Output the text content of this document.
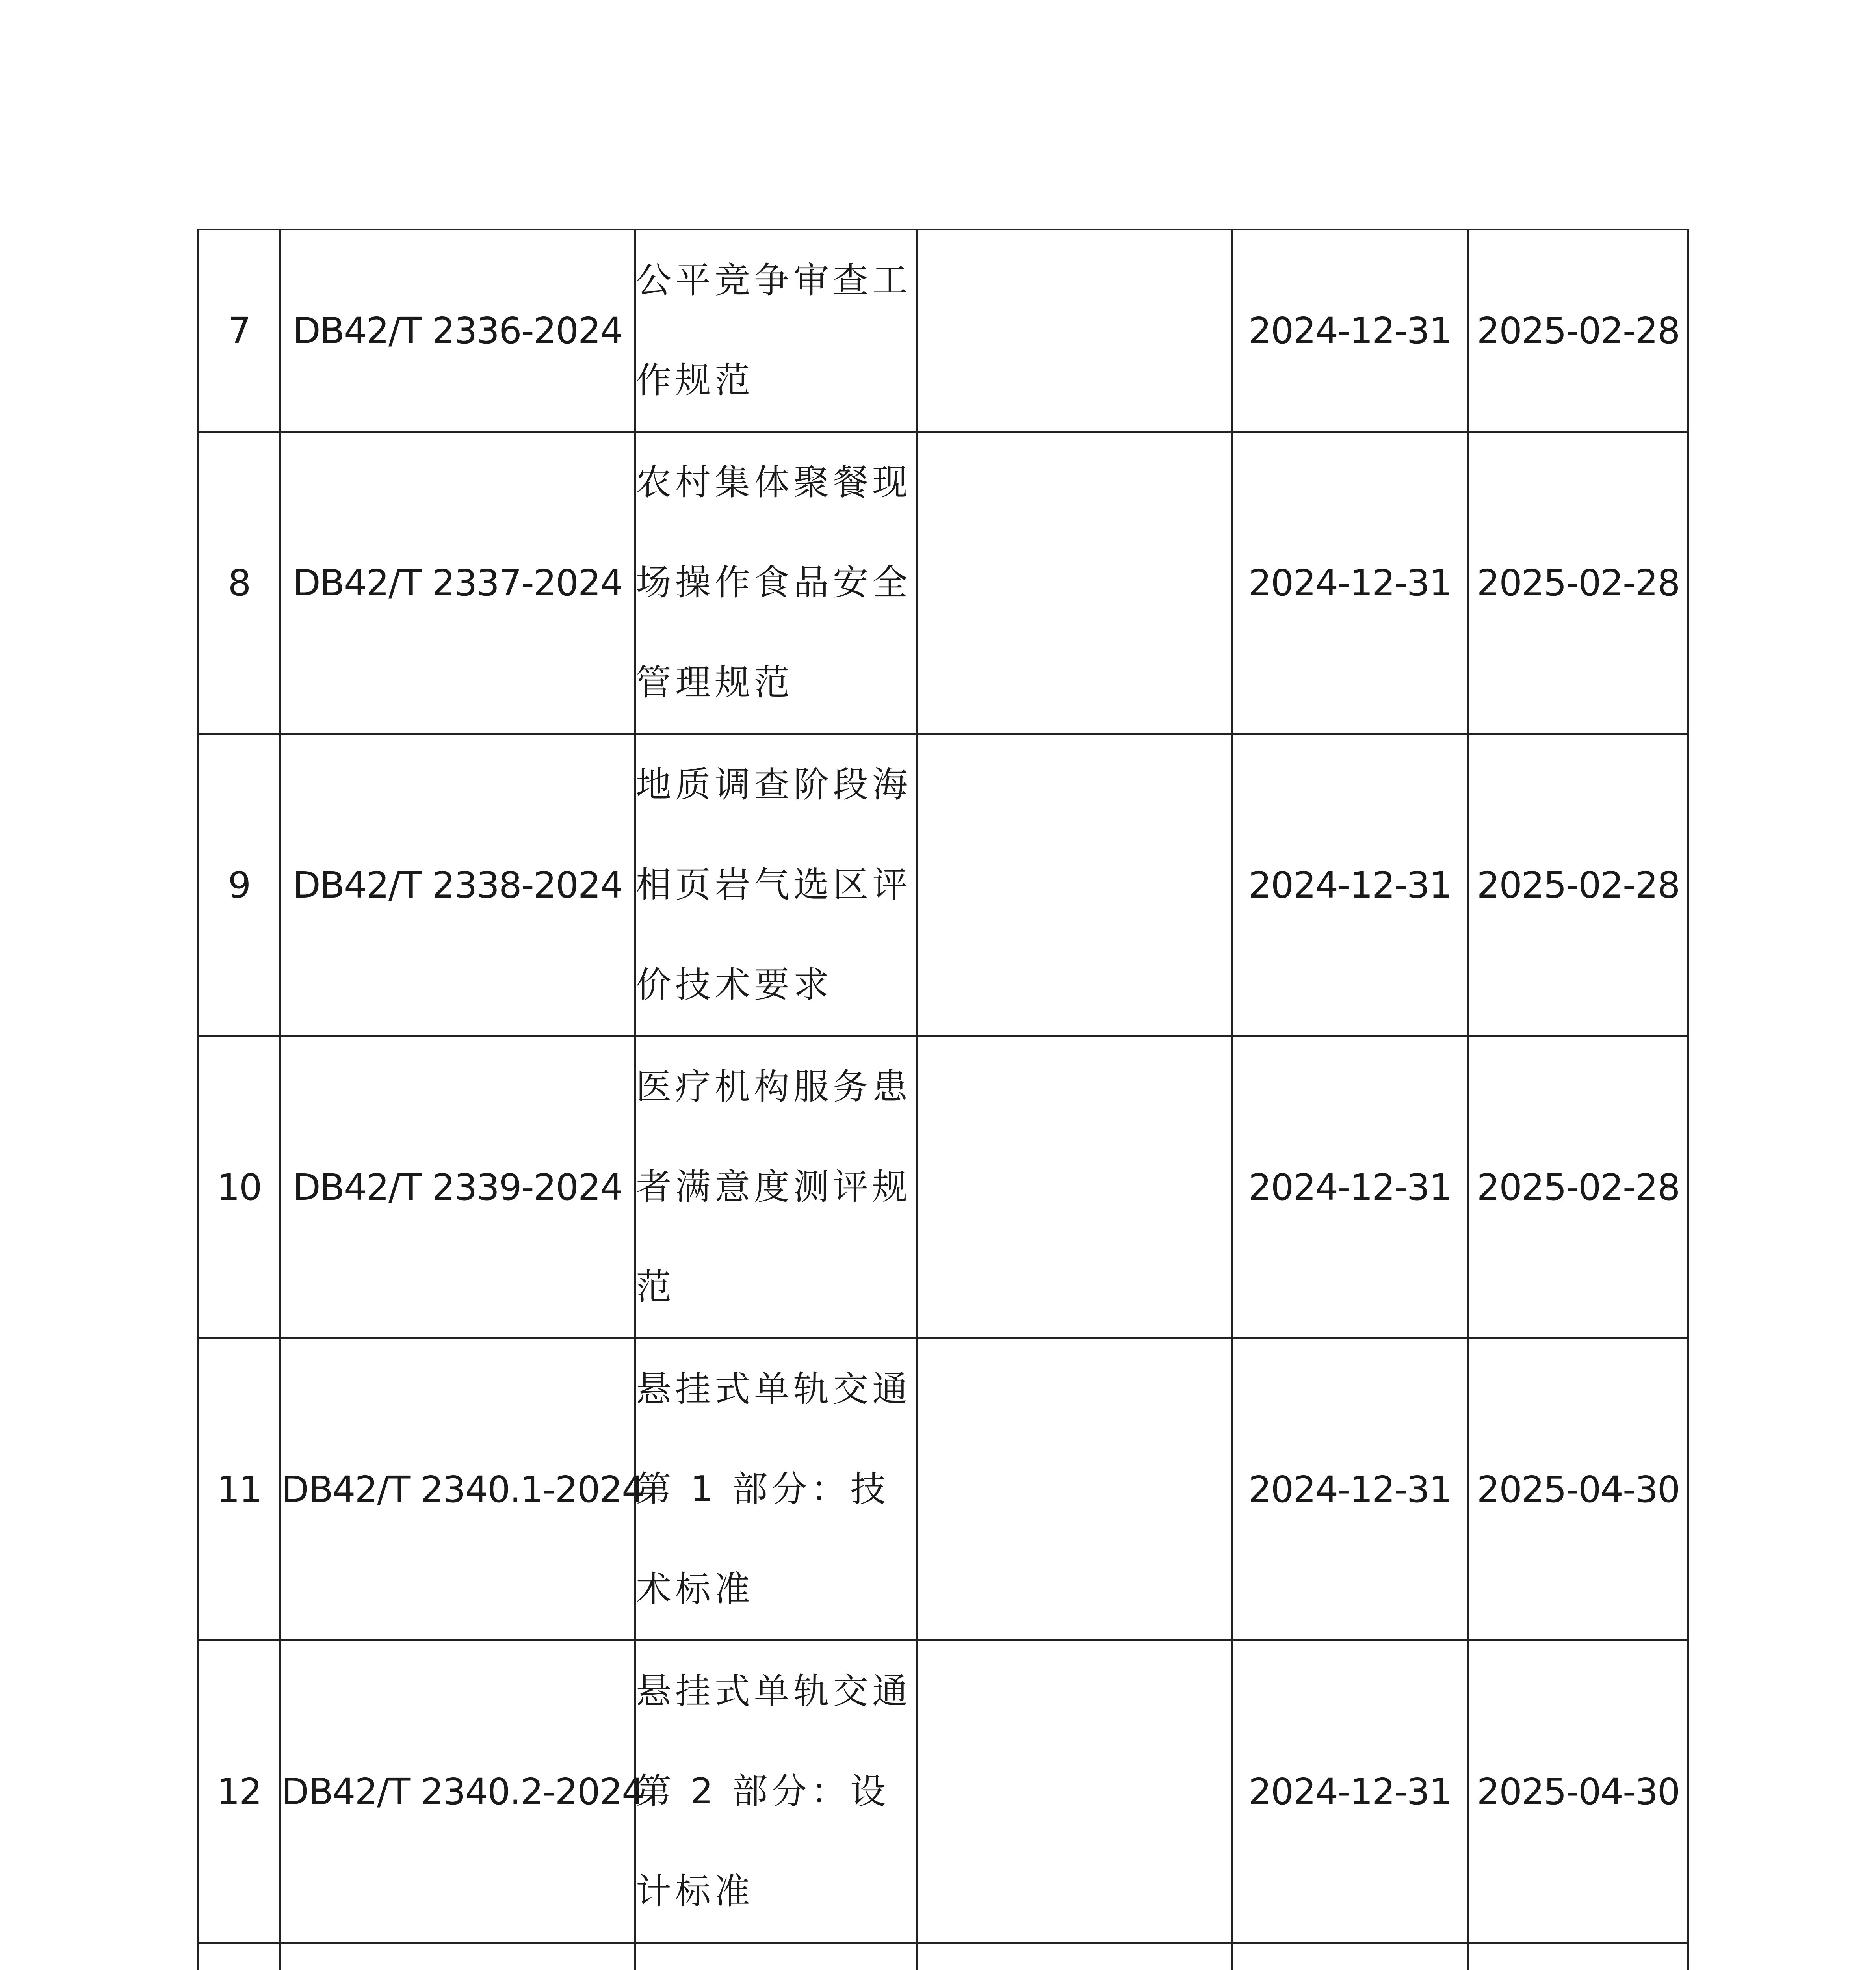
7	DB42/T 2336-2024	公平竞争审查工作规范		2024-12-31	2025-02-28
8	DB42/T 2337-2024	农村集体聚餐现场操作食品安全管理规范		2024-12-31	2025-02-28
9	DB42/T 2338-2024	地质调查阶段海相页岩气选区评价技术要求		2024-12-31	2025-02-28
10	DB42/T 2339-2024	医疗机构服务患者满意度测评规范		2024-12-31	2025-02-28
11	DB42/T 2340.1-2024	悬挂式单轨交通第 1 部分：技术标准		2024-12-31	2025-04-30
12	DB42/T 2340.2-2024	悬挂式单轨交通第 2 部分：设计标准		2024-12-31	2025-04-30
